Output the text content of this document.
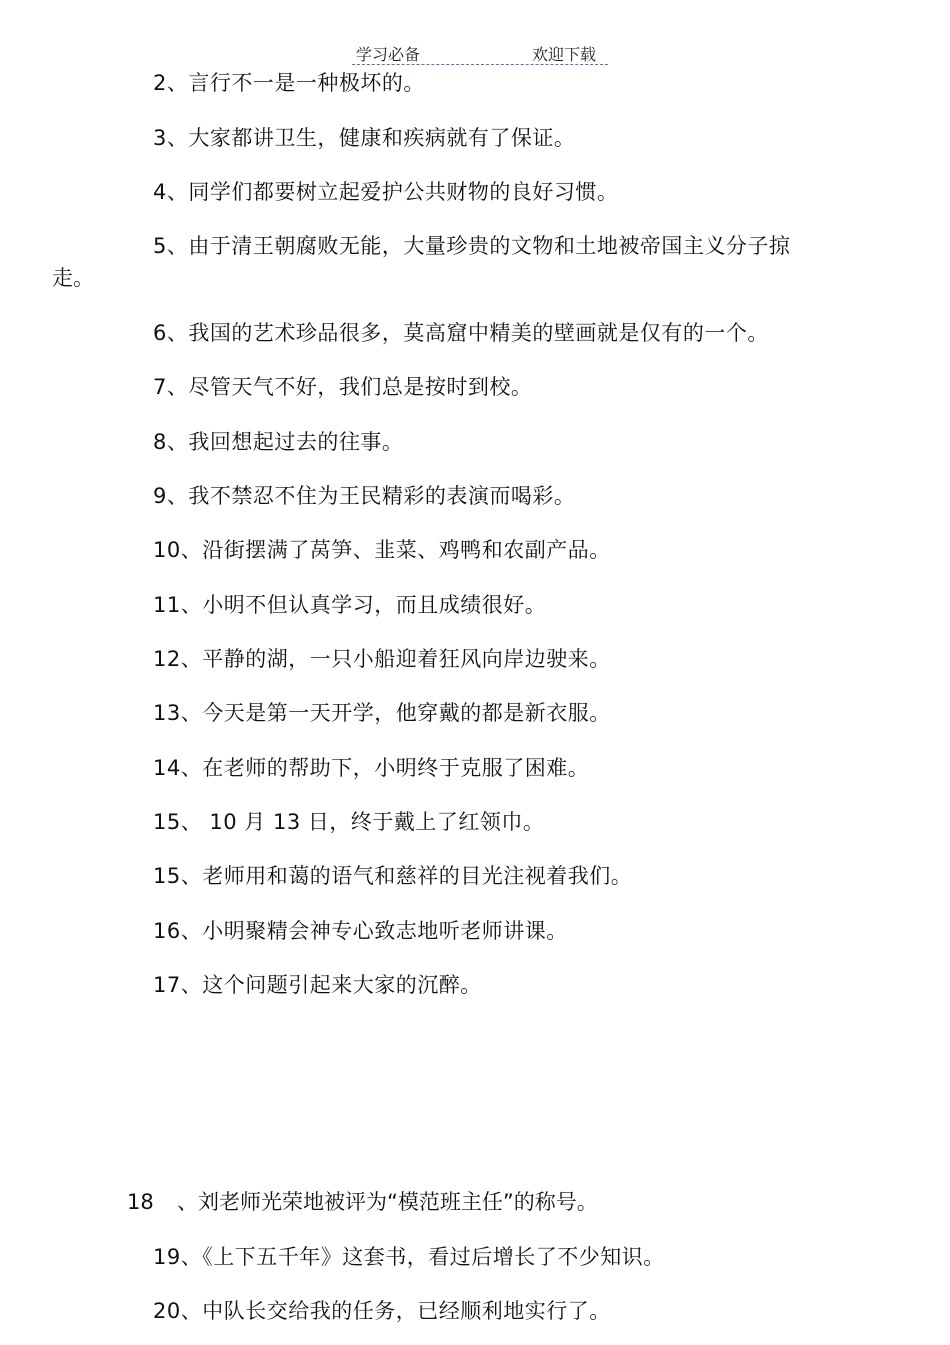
学习必备	欢迎下载
2、言行不一是一种极坏的。
3、大家都讲卫生，健康和疾病就有了保证。
4、同学们都要树立起爱护公共财物的良好习惯。
5、由于清王朝腐败无能，大量珍贵的文物和土地被帝国主义分子掠
走。
6、我国的艺术珍品很多，莫高窟中精美的壁画就是仅有的一个。
7、尽管天气不好，我们总是按时到校。
8、我回想起过去的往事。
9、我不禁忍不住为王民精彩的表演而喝彩。
10、沿街摆满了莴笋、韭菜、鸡鸭和农副产品。
11、小明不但认真学习，而且成绩很好。
12、平静的湖，一只小船迎着狂风向岸边驶来。
13、今天是第一天开学，他穿戴的都是新衣服。
14、在老师的帮助下，小明终于克服了困难。
15、 10 月 13 日，终于戴上了红领巾。
15、老师用和蔼的语气和慈祥的目光注视着我们。
16、小明聚精会神专心致志地听老师讲课。
17、这个问题引起来大家的沉醉。
18 、刘老师光荣地被评为“模范班主任”的称号。
19、《上下五千年》这套书，看过后增长了不少知识。
20、中队长交给我的任务，已经顺利地实行了。
